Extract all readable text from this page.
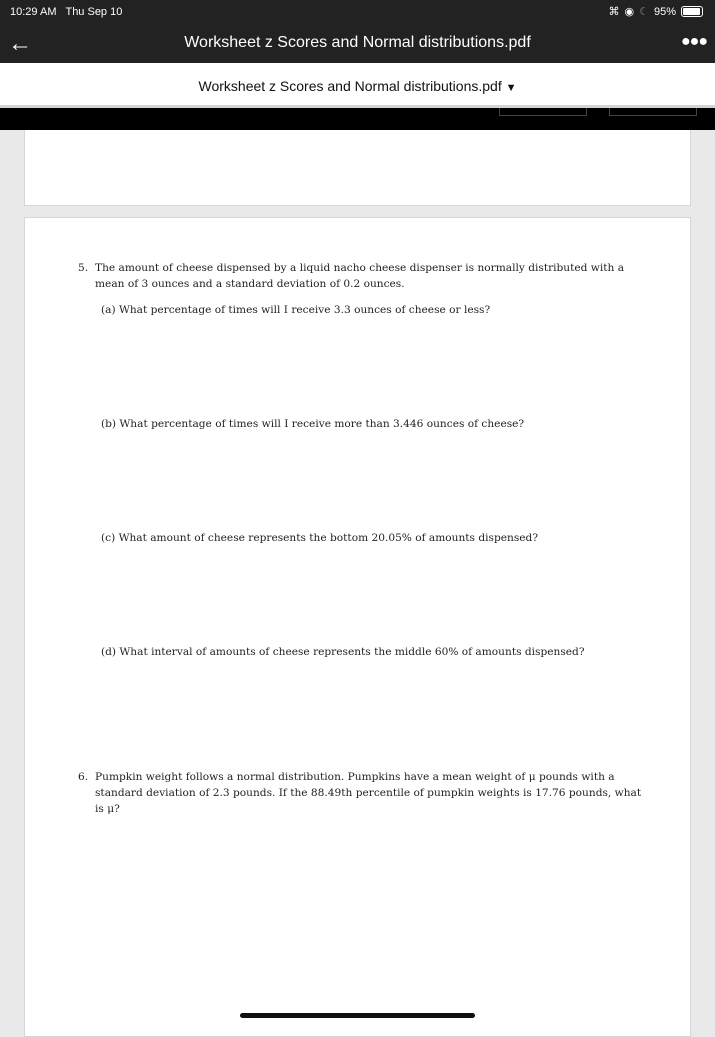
10:29 AM Thu Sep 10	⌘ ◉ ☾ 95%
←	Worksheet z Scores and Normal distributions.pdf	●●●
Worksheet z Scores and Normal distributions.pdf ▼
5. The amount of cheese dispensed by a liquid nacho cheese dispenser is normally distributed with a
mean of 3 ounces and a standard deviation of 0.2 ounces.
(a) What percentage of times will I receive 3.3 ounces of cheese or less?
(b) What percentage of times will I receive more than 3.446 ounces of cheese?
(c) What amount of cheese represents the bottom 20.05% of amounts dispensed?
(d) What interval of amounts of cheese represents the middle 60% of amounts dispensed?
6. Pumpkin weight follows a normal distribution. Pumpkins have a mean weight of μ pounds with a
standard deviation of 2.3 pounds. If the 88.49th percentile of pumpkin weights is 17.76 pounds, what
is μ?
